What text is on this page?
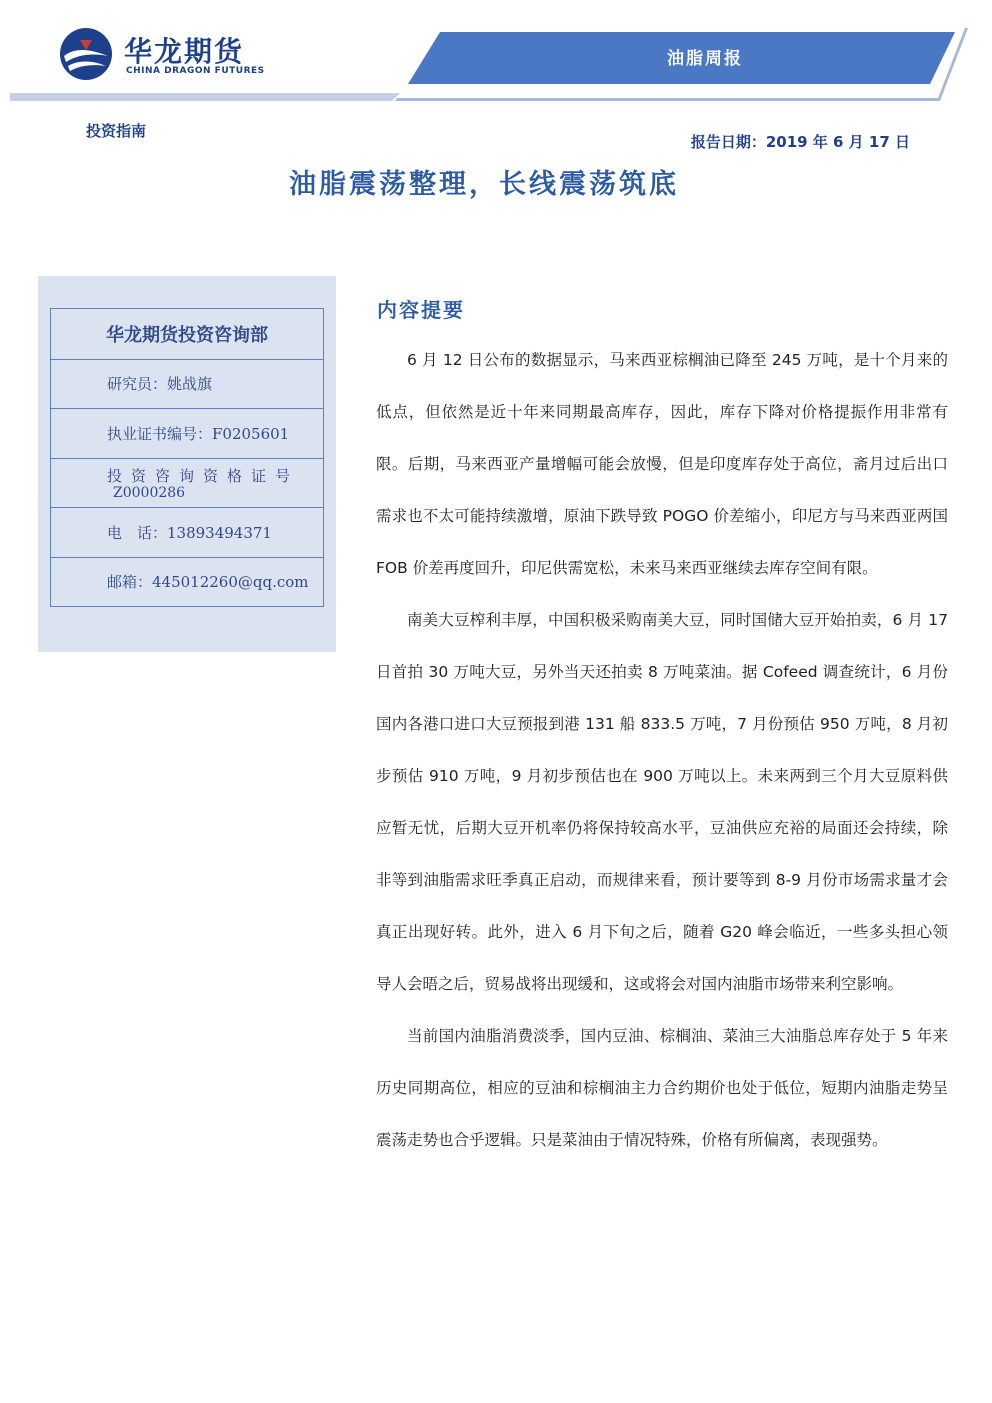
油脂周报
华龙期货
CHINA DRAGON FUTURES
投资指南
报告日期：2019 年 6 月 17 日
油脂震荡整理，长线震荡筑底
华龙期货投资咨询部
研究员：姚战旗
执业证书编号：F0205601
投资咨询资格证号
Z0000286
电　话：13893494371
邮箱：445012260@qq.com
内容提要

6 月 12 日公布的数据显示，马来西亚棕榈油已降至 245 万吨，是十个月来的低点，但依然是近十年来同期最高库存，因此，库存下降对价格提振作用非常有限。后期，马来西亚产量增幅可能会放慢，但是印度库存处于高位，斋月过后出口需求也不太可能持续激增，原油下跌导致 POGO 价差缩小，印尼方与马来西亚两国 FOB 价差再度回升，印尼供需宽松，未来马来西亚继续去库存空间有限。

南美大豆榨利丰厚，中国积极采购南美大豆，同时国储大豆开始拍卖，6 月 17 日首拍 30 万吨大豆，另外当天还拍卖 8 万吨菜油。据 Cofeed 调查统计，6 月份国内各港口进口大豆预报到港 131 船 833.5 万吨，7 月份预估 950 万吨，8 月初步预估 910 万吨，9 月初步预估也在 900 万吨以上。未来两到三个月大豆原料供应暂无忧，后期大豆开机率仍将保持较高水平，豆油供应充裕的局面还会持续，除非等到油脂需求旺季真正启动，而规律来看，预计要等到 8-9 月份市场需求量才会真正出现好转。此外，进入 6 月下旬之后，随着 G20 峰会临近，一些多头担心领导人会晤之后，贸易战将出现缓和，这或将会对国内油脂市场带来利空影响。

当前国内油脂消费淡季，国内豆油、棕榈油、菜油三大油脂总库存处于 5 年来历史同期高位，相应的豆油和棕榈油主力合约期价也处于低位，短期内油脂走势呈震荡走势也合乎逻辑。只是菜油由于情况特殊，价格有所偏离，表现强势。
